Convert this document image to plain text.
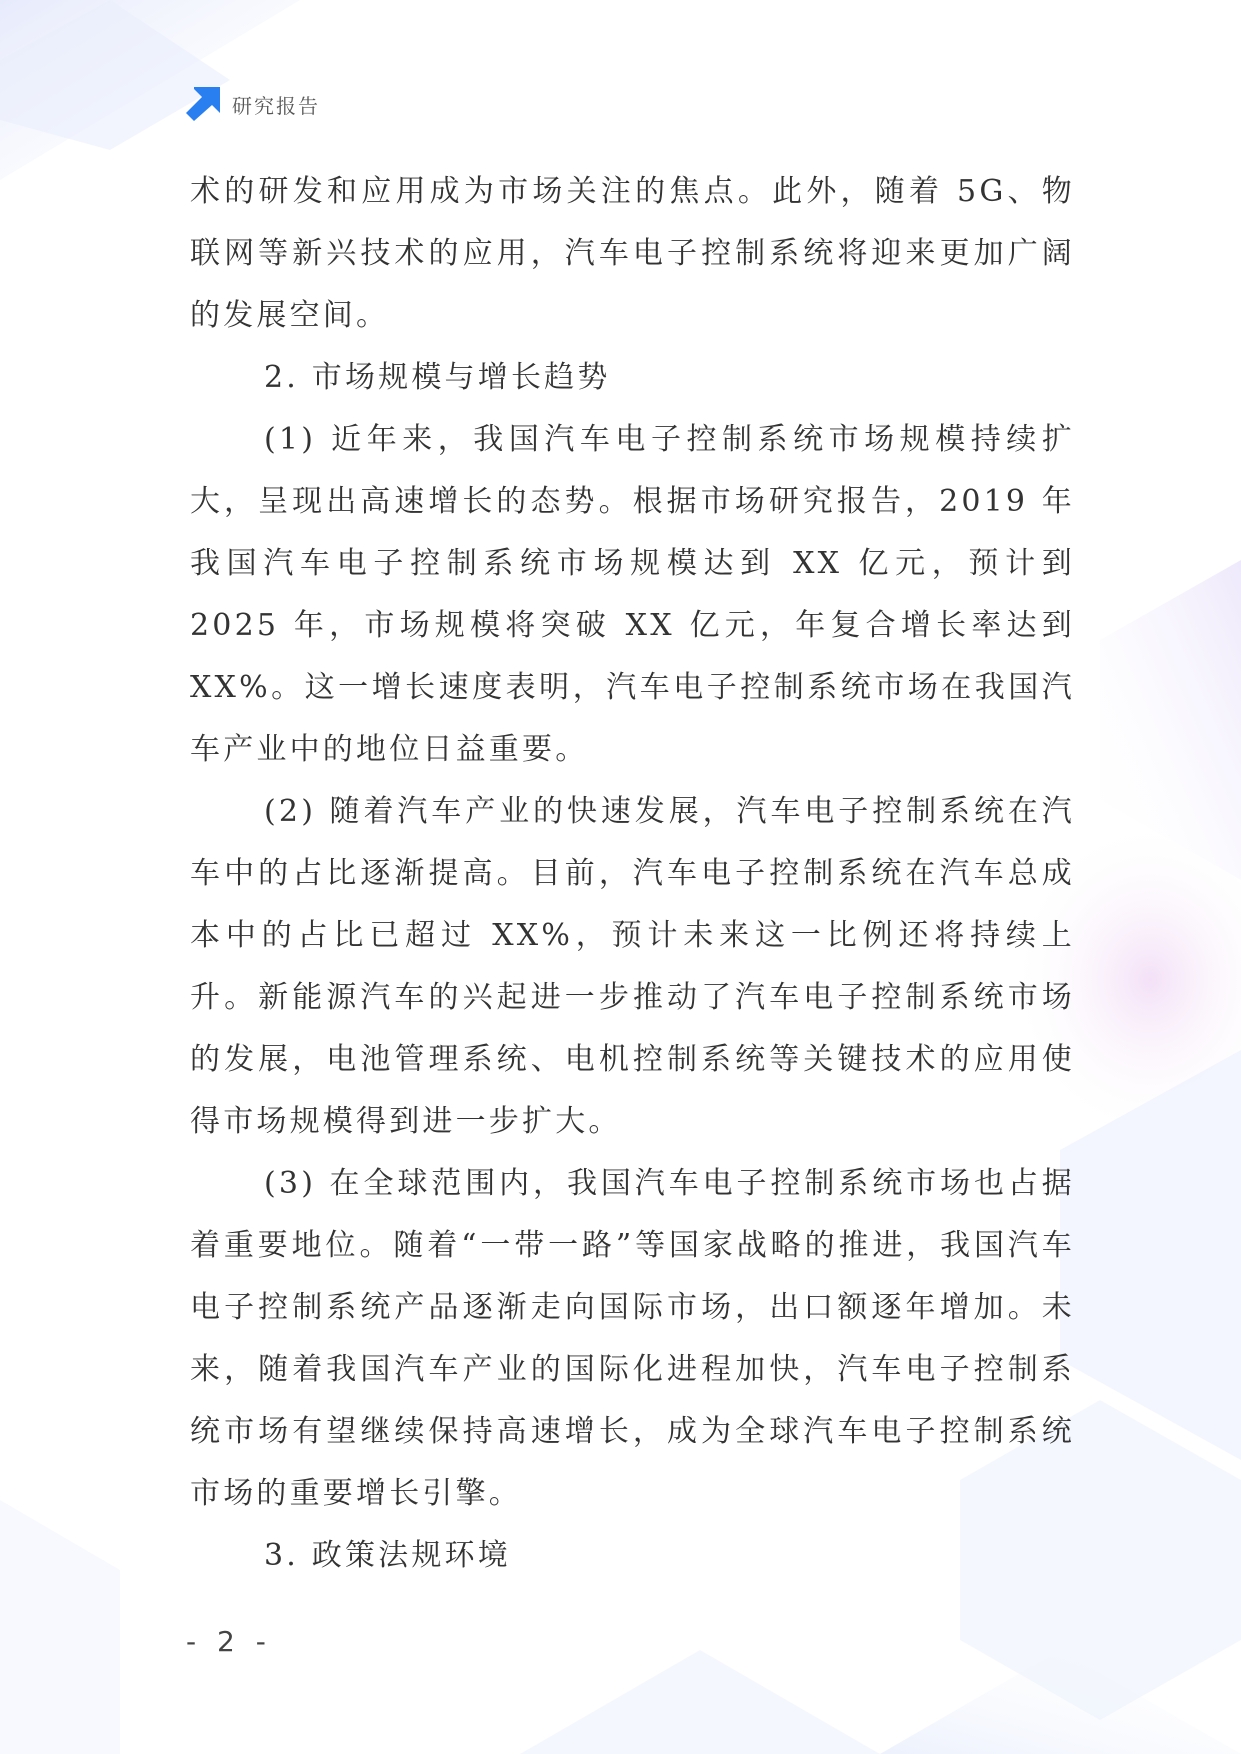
研究报告

术的研发和应用成为市场关注的焦点。此外，随着 5G、物联网等新兴技术的应用，汽车电子控制系统将迎来更加广阔的发展空间。

2. 市场规模与增长趋势

(1) 近年来，我国汽车电子控制系统市场规模持续扩大，呈现出高速增长的态势。根据市场研究报告，2019 年我国汽车电子控制系统市场规模达到 XX 亿元，预计到 2025 年，市场规模将突破 XX 亿元，年复合增长率达到 XX%。这一增长速度表明，汽车电子控制系统市场在我国汽车产业中的地位日益重要。

(2) 随着汽车产业的快速发展，汽车电子控制系统在汽车中的占比逐渐提高。目前，汽车电子控制系统在汽车总成本中的占比已超过 XX%，预计未来这一比例还将持续上升。新能源汽车的兴起进一步推动了汽车电子控制系统市场的发展，电池管理系统、电机控制系统等关键技术的应用使得市场规模得到进一步扩大。

(3) 在全球范围内，我国汽车电子控制系统市场也占据着重要地位。随着“一带一路”等国家战略的推进，我国汽车电子控制系统产品逐渐走向国际市场，出口额逐年增加。未来，随着我国汽车产业的国际化进程加快，汽车电子控制系统市场有望继续保持高速增长，成为全球汽车电子控制系统市场的重要增长引擎。

3. 政策法规环境

- 2 -
